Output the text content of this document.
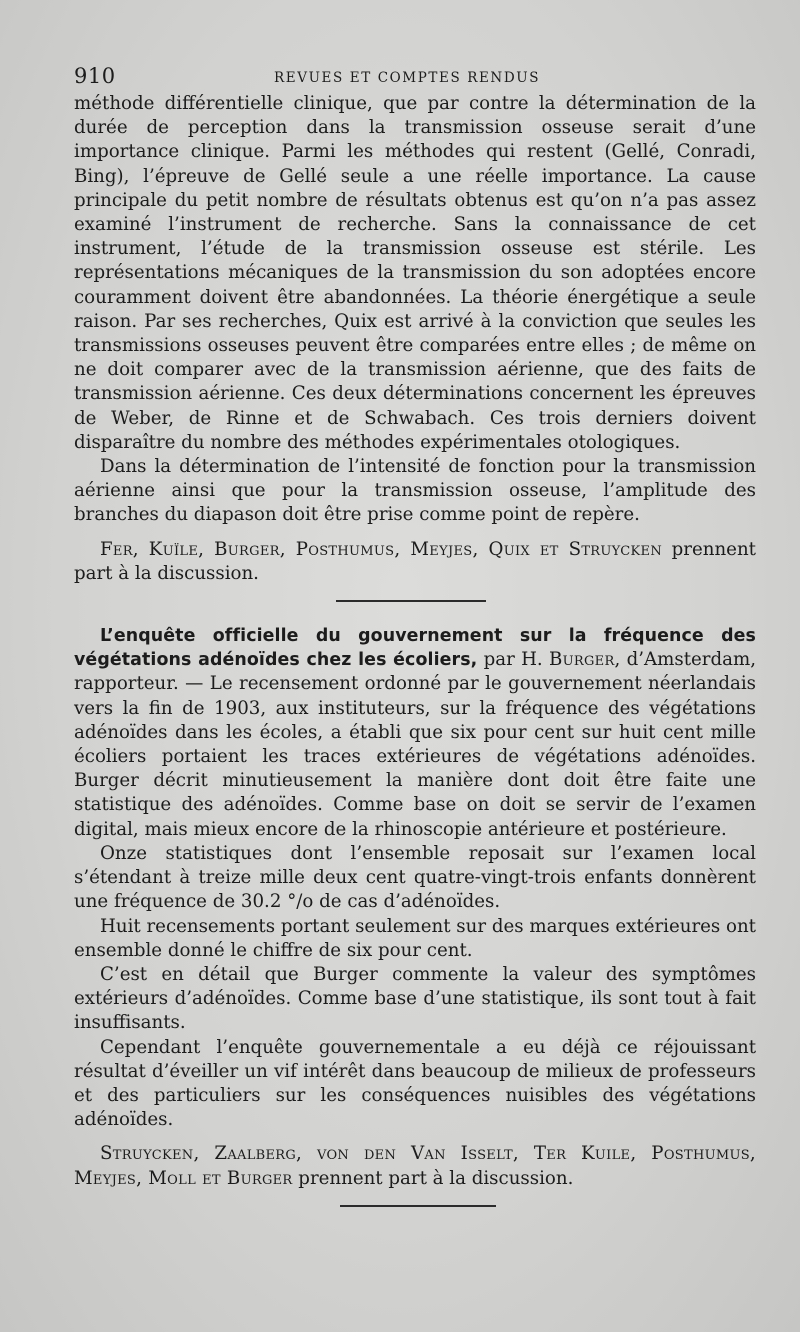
910	REVUES ET COMPTES RENDUS

méthode différentielle clinique, que par contre la détermination de la durée de perception dans la transmission osseuse serait d’une importance clinique. Parmi les méthodes qui restent (Gellé, Conradi, Bing), l’épreuve de Gellé seule a une réelle importance. La cause principale du petit nombre de résultats obtenus est qu’on n’a pas assez examiné l’instrument de recherche. Sans la connaissance de cet instrument, l’étude de la transmission osseuse est stérile. Les représentations mécaniques de la transmission du son adoptées encore couramment doivent être abandonnées. La théorie énergétique a seule raison. Par ses recherches, Quix est arrivé à la conviction que seules les transmissions osseuses peuvent être comparées entre elles ; de même on ne doit comparer avec de la transmission aérienne, que des faits de transmission aérienne. Ces deux déterminations concernent les épreuves de Weber, de Rinne et de Schwabach. Ces trois derniers doivent disparaître du nombre des méthodes expérimentales otologiques.

Dans la détermination de l’intensité de fonction pour la transmission aérienne ainsi que pour la transmission osseuse, l’amplitude des branches du diapason doit être prise comme point de repère.

Fer, Kuïle, Burger, Posthumus, Meyjes, Quix et Struycken prennent part à la discussion.

L’enquête officielle du gouvernement sur la fréquence des végétations adénoïdes chez les écoliers, par H. Burger, d’Amsterdam, rapporteur. — Le recensement ordonné par le gouvernement néerlandais vers la fin de 1903, aux instituteurs, sur la fréquence des végétations adénoïdes dans les écoles, a établi que six pour cent sur huit cent mille écoliers portaient les traces extérieures de végétations adénoïdes. Burger décrit minutieusement la manière dont doit être faite une statistique des adénoïdes. Comme base on doit se servir de l’examen digital, mais mieux encore de la rhinoscopie antérieure et postérieure.

Onze statistiques dont l’ensemble reposait sur l’examen local s’étendant à treize mille deux cent quatre-vingt-trois enfants donnèrent une fréquence de 30.2 °/o de cas d’adénoïdes.

Huit recensements portant seulement sur des marques extérieures ont ensemble donné le chiffre de six pour cent.

C’est en détail que Burger commente la valeur des symptômes extérieurs d’adénoïdes. Comme base d’une statistique, ils sont tout à fait insuffisants.

Cependant l’enquête gouvernementale a eu déjà ce réjouissant résultat d’éveiller un vif intérêt dans beaucoup de milieux de professeurs et des particuliers sur les conséquences nuisibles des végétations adénoïdes.

Struycken, Zaalberg, von den Van Isselt, Ter Kuile, Posthumus, Meyjes, Moll et Burger prennent part à la discussion.
